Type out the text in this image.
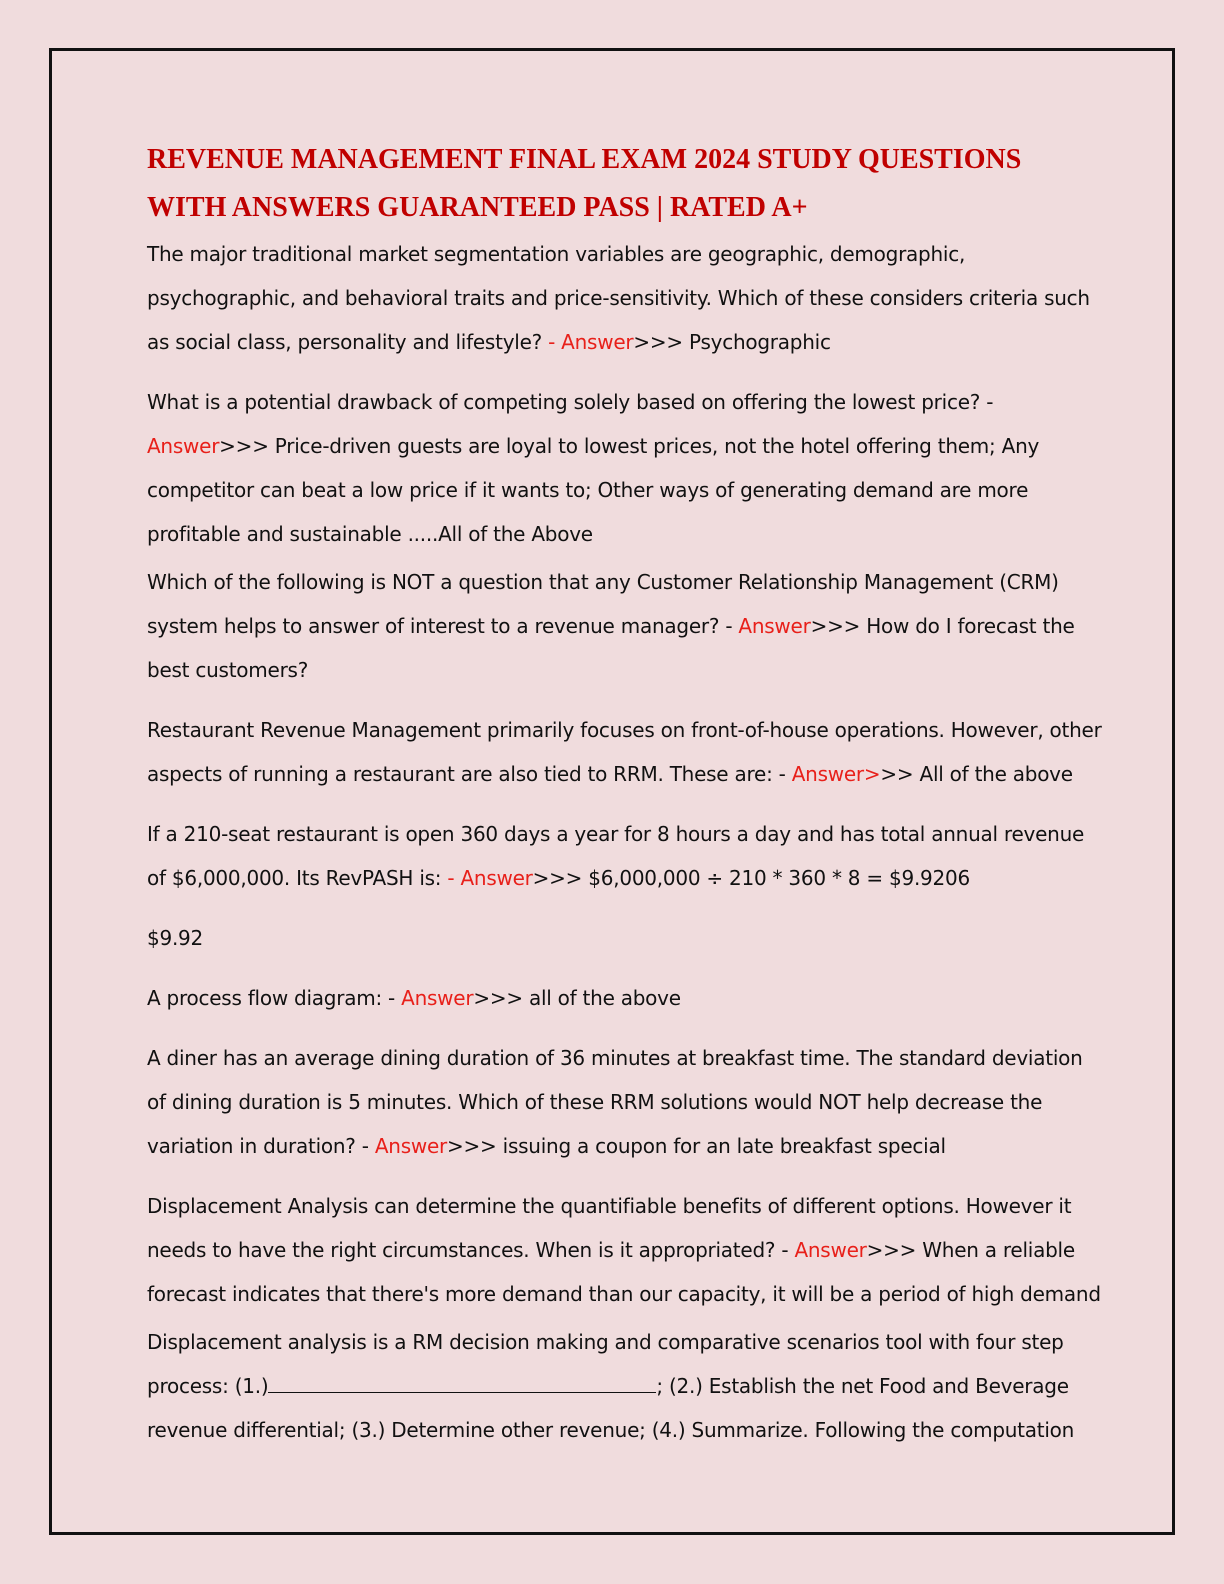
REVENUE MANAGEMENT FINAL EXAM 2024 STUDY QUESTIONS
WITH ANSWERS GUARANTEED PASS | RATED A+

The major traditional market segmentation variables are geographic, demographic, psychographic, and behavioral traits and price-sensitivity. Which of these considers criteria such as social class, personality and lifestyle? - Answer>>> Psychographic

What is a potential drawback of competing solely based on offering the lowest price? - Answer>>> Price-driven guests are loyal to lowest prices, not the hotel offering them; Any competitor can beat a low price if it wants to; Other ways of generating demand are more profitable and sustainable .....All of the Above

Which of the following is NOT a question that any Customer Relationship Management (CRM) system helps to answer of interest to a revenue manager? - Answer>>> How do I forecast the best customers?

Restaurant Revenue Management primarily focuses on front-of-house operations. However, other aspects of running a restaurant are also tied to RRM. These are: - Answer>>> All of the above

If a 210-seat restaurant is open 360 days a year for 8 hours a day and has total annual revenue of $6,000,000. Its RevPASH is: - Answer>>> $6,000,000 ÷ 210 * 360 * 8 = $9.9206

$9.92

A process flow diagram: - Answer>>> all of the above

A diner has an average dining duration of 36 minutes at breakfast time. The standard deviation of dining duration is 5 minutes. Which of these RRM solutions would NOT help decrease the variation in duration? - Answer>>> issuing a coupon for an late breakfast special

Displacement Analysis can determine the quantifiable benefits of different options. However it needs to have the right circumstances. When is it appropriated? - Answer>>> When a reliable forecast indicates that there's more demand than our capacity, it will be a period of high demand

Displacement analysis is a RM decision making and comparative scenarios tool with four step process: (1.)	; (2.) Establish the net Food and Beverage revenue differential; (3.) Determine other revenue; (4.) Summarize. Following the computation
